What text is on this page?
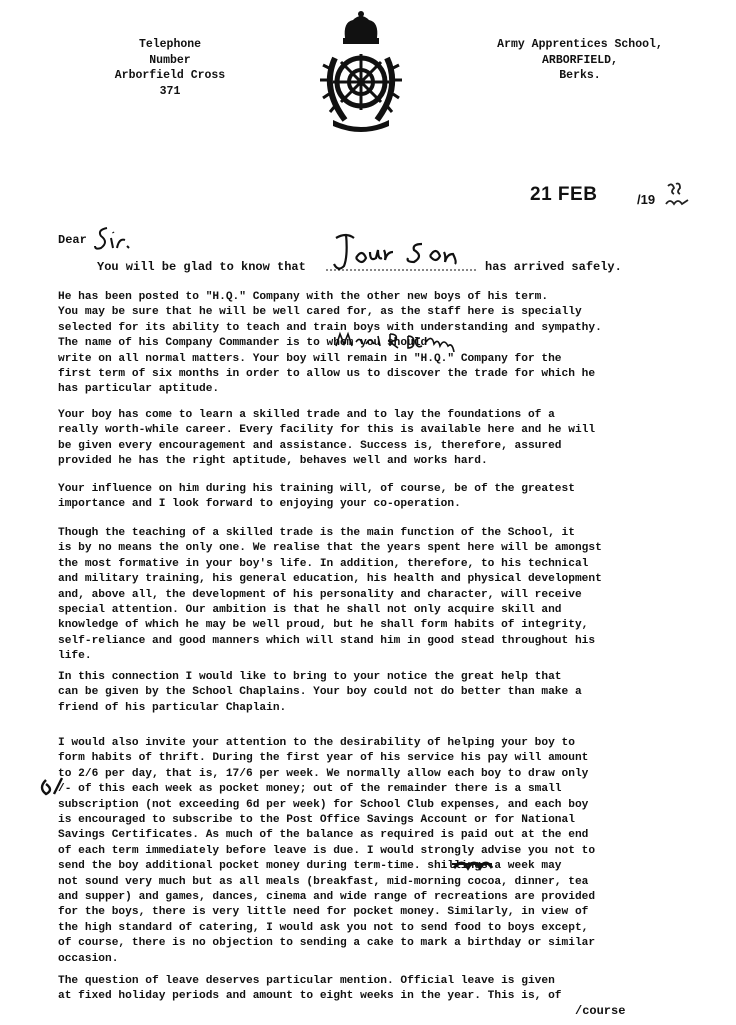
Telephone
Number
Arborfield Cross
371
Army Apprentices School,
ARBORFIELD,
Berks.
21 FEB	/19
Dear
You will be glad to know that	has arrived safely.

He has been posted to "H.Q." Company with the other new boys of his term.

You may be sure that he will be well cared for, as the staff here is specially

selected for its ability to teach and train boys with understanding and sympathy.

The name of his Company Commander is to whom you should

write on all normal matters. Your boy will remain in "H.Q." Company for the

first term of six months in order to allow us to discover the trade for which he

has particular aptitude.

Your boy has come to learn a skilled trade and to lay the foundations of a

really worth-while career. Every facility for this is available here and he will

be given every encouragement and assistance. Success is, therefore, assured

provided he has the right aptitude, behaves well and works hard.

Your influence on him during his training will, of course, be of the greatest

importance and I look forward to enjoying your co-operation.

Though the teaching of a skilled trade is the main function of the School, it

is by no means the only one. We realise that the years spent here will be amongst

the most formative in your boy's life. In addition, therefore, to his technical

and military training, his general education, his health and physical development

and, above all, the development of his personality and character, will receive

special attention. Our ambition is that he shall not only acquire skill and

knowledge of which he may be well proud, but he shall form habits of integrity,

self-reliance and good manners which will stand him in good stead throughout his

life.

In this connection I would like to bring to your notice the great help that

can be given by the School Chaplains. Your boy could not do better than make a

friend of his particular Chaplain.

I would also invite your attention to the desirability of helping your boy to

form habits of thrift. During the first year of his service his pay will amount

to 2/6 per day, that is, 17/6 per week. We normally allow each boy to draw only

/- of this each week as pocket money; out of the remainder there is a small

subscription (not exceeding 6d per week) for School Club expenses, and each boy

is encouraged to subscribe to the Post Office Savings Account or for National

Savings Certificates. As much of the balance as required is paid out at the end

of each term immediately before leave is due. I would strongly advise you not to

send the boy additional pocket money during term-time. shillings a week may

not sound very much but as all meals (breakfast, mid-morning cocoa, dinner, tea

and supper) and games, dances, cinema and wide range of recreations are provided

for the boys, there is very little need for pocket money. Similarly, in view of

the high standard of catering, I would ask you not to send food to boys except,

of course, there is no objection to sending a cake to mark a birthday or similar

occasion.

The question of leave deserves particular mention. Official leave is given

at fixed holiday periods and amount to eight weeks in the year. This is, of

/course
